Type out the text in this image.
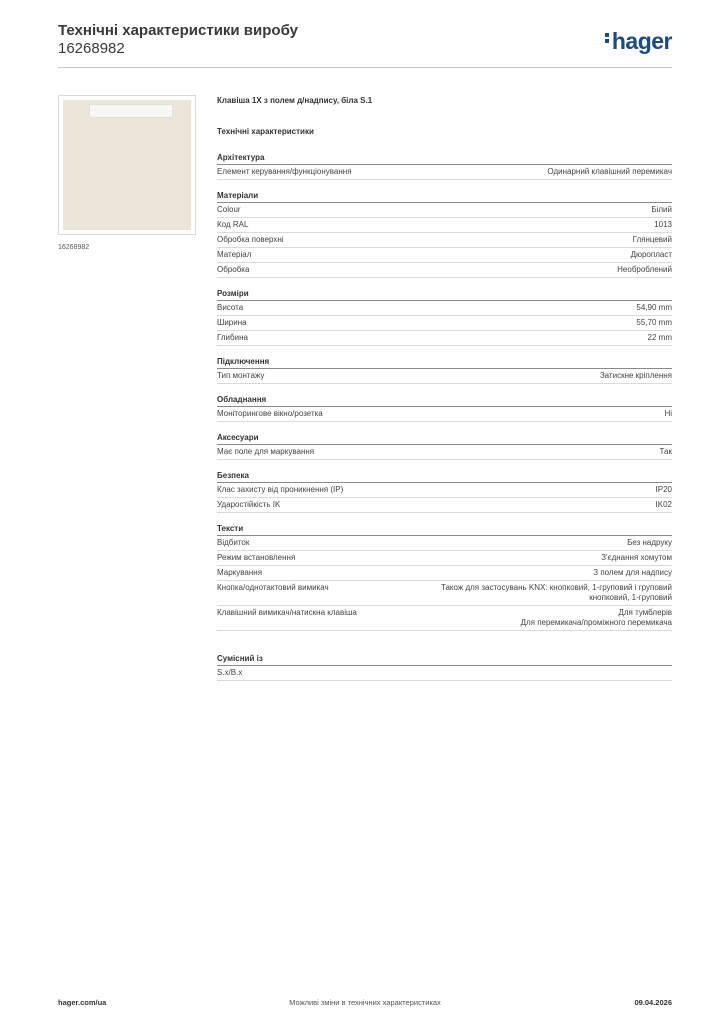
Технічні характеристики виробу
16268982	hager
16268982
Клавіша 1X з полем д/надпису, біла S.1
Технічні характеристики
Архітектура
Елемент керування/функціонування	Одинарний клавішний перемикач
Матеріали
Colour	Білий
Код RAL	1013
Обробка поверхні	Глянцевий
Матеріал	Дюропласт
Обробка	Необроблений
Розміри
Висота	54,90 mm
Ширина	55,70 mm
Глибина	22 mm
Підключення
Тип монтажу	Затискне кріплення
Обладнання
Моніторингове вікно/розетка	Ні
Аксесуари
Має поле для маркування	Так
Безпека
Клас захисту від проникнення (IP)	IP20
Ударостійкість IK	IK02
Тексти
Відбиток	Без надруку
Режим встановлення	З'єднання хомутом
Маркування	З полем для надпису
Кнопка/однотактовий вимикач	Також для застосувань KNX: кнопковий, 1-груповий і груповий
кнопковий, 1-груповий
Клавішний вимикач/натискна клавіша	Для тумблерів
Для перемикача/проміжного перемикача
Сумісний із
S.x/B.x
hager.com/ua	Можливі зміни в технічних характеристиках	09.04.2026
